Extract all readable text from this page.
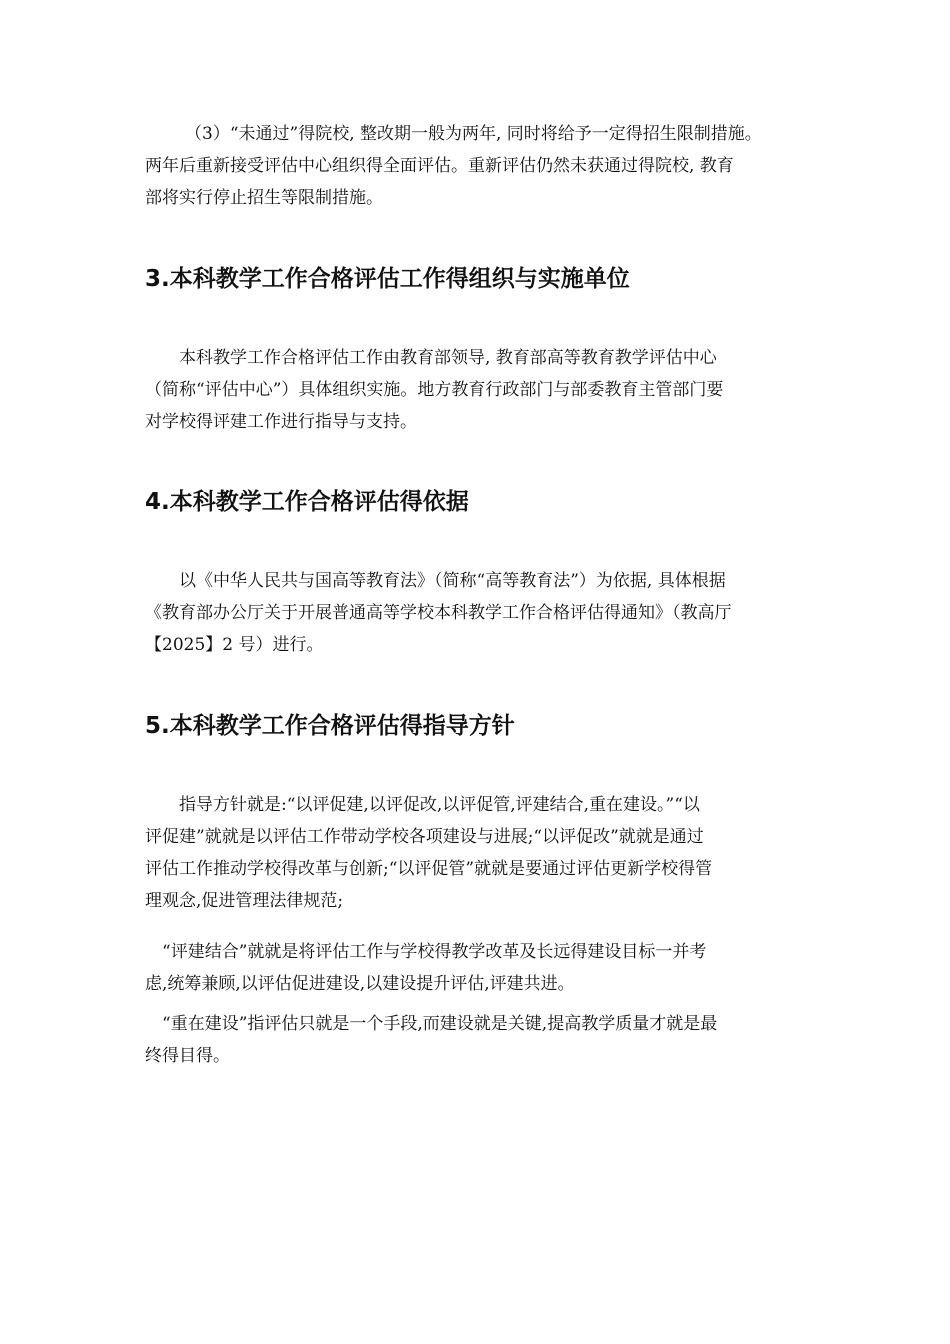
（3）“未通过”得院校, 整改期一般为两年, 同时将给予一定得招生限制措施。
两年后重新接受评估中心组织得全面评估。重新评估仍然未获通过得院校, 教育
部将实行停止招生等限制措施。
3.本科教学工作合格评估工作得组织与实施单位
　　本科教学工作合格评估工作由教育部领导, 教育部高等教育教学评估中心
（简称“评估中心”）具体组织实施。地方教育行政部门与部委教育主管部门要
对学校得评建工作进行指导与支持。
4.本科教学工作合格评估得依据
　　以《中华人民共与国高等教育法》（简称“高等教育法”）为依据, 具体根据
《教育部办公厅关于开展普通高等学校本科教学工作合格评估得通知》（教高厅
【2025】2 号）进行。
5.本科教学工作合格评估得指导方针
　　指导方针就是:“以评促建,以评促改,以评促管,评建结合,重在建设。”“以
评促建”就就是以评估工作带动学校各项建设与进展;“以评促改”就就是通过
评估工作推动学校得改革与创新;“以评促管”就就是要通过评估更新学校得管
理观念,促进管理法律规范;
　“评建结合”就就是将评估工作与学校得教学改革及长远得建设目标一并考
虑,统筹兼顾,以评估促进建设,以建设提升评估,评建共进。
　“重在建设”指评估只就是一个手段,而建设就是关键,提高教学质量才就是最
终得目得。
